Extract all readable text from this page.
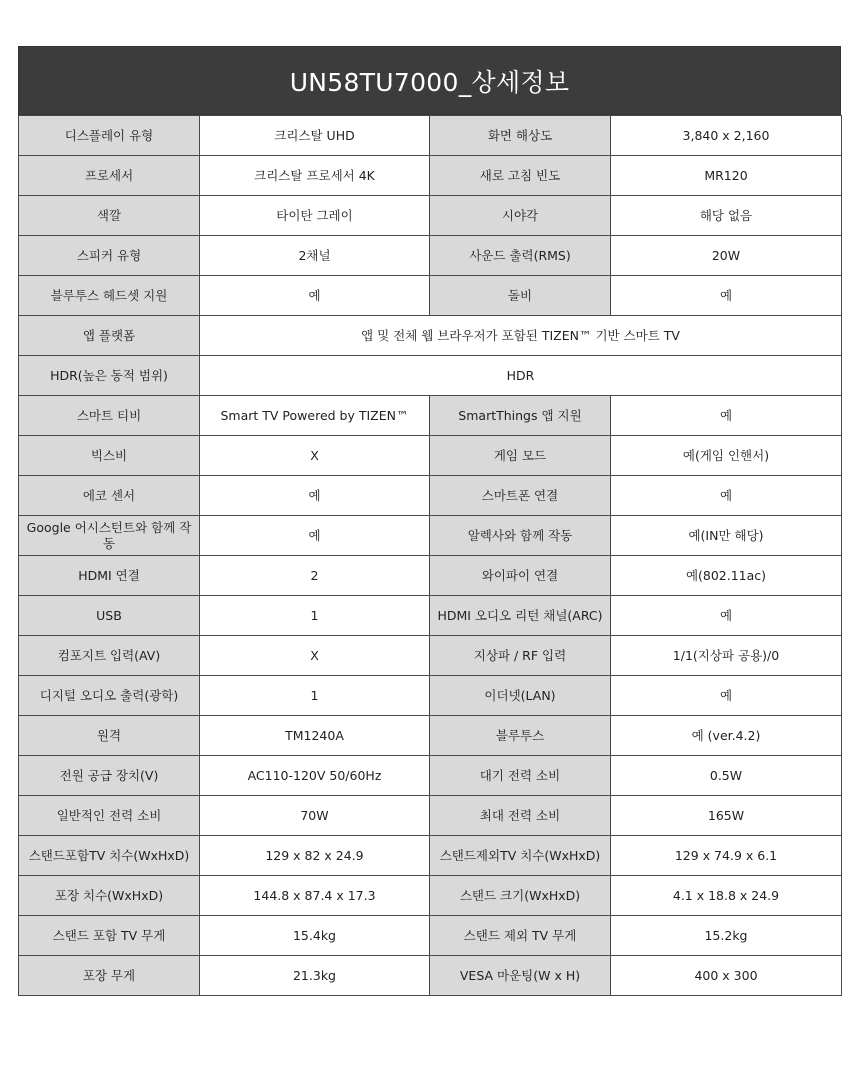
UN58TU7000_상세정보
디스플레이 유형	크리스탈 UHD	화면 해상도	3,840 x 2,160
프로세서	크리스탈 프로세서 4K	새로 고침 빈도	MR120
색깔	타이탄 그레이	시야각	해당 없음
스피커 유형	2채널	사운드 출력(RMS)	20W
블루투스 헤드셋 지원	예	돌비	예
앱 플랫폼	앱 및 전체 웹 브라우저가 포함된 TIZEN™ 기반 스마트 TV		
HDR(높은 동적 범위)	HDR		
스마트 티비	Smart TV Powered by TIZEN™	SmartThings 앱 지원	예
빅스비	X	게임 모드	예(게임 인핸서)
에코 센서	예	스마트폰 연결	예
Google 어시스턴트와 함께 작동	예	알렉사와 함께 작동	예(IN만 해당)
HDMI 연결	2	와이파이 연결	예(802.11ac)
USB	1	HDMI 오디오 리턴 채널(ARC)	예
컴포지트 입력(AV)	X	지상파 / RF 입력	1/1(지상파 공용)/0
디지털 오디오 출력(광학)	1	이더넷(LAN)	예
원격	TM1240A	블루투스	예 (ver.4.2)
전원 공급 장치(V)	AC110-120V 50/60Hz	대기 전력 소비	0.5W
일반적인 전력 소비	70W	최대 전력 소비	165W
스탠드포함TV 치수(WxHxD)	129 x 82 x 24.9	스탠드제외TV 치수(WxHxD)	129 x 74.9 x 6.1
포장 치수(WxHxD)	144.8 x 87.4 x 17.3	스탠드 크기(WxHxD)	4.1 x 18.8 x 24.9
스탠드 포함 TV 무게	15.4kg	스탠드 제외 TV 무게	15.2kg
포장 무게	21.3kg	VESA 마운팅(W x H)	400 x 300
